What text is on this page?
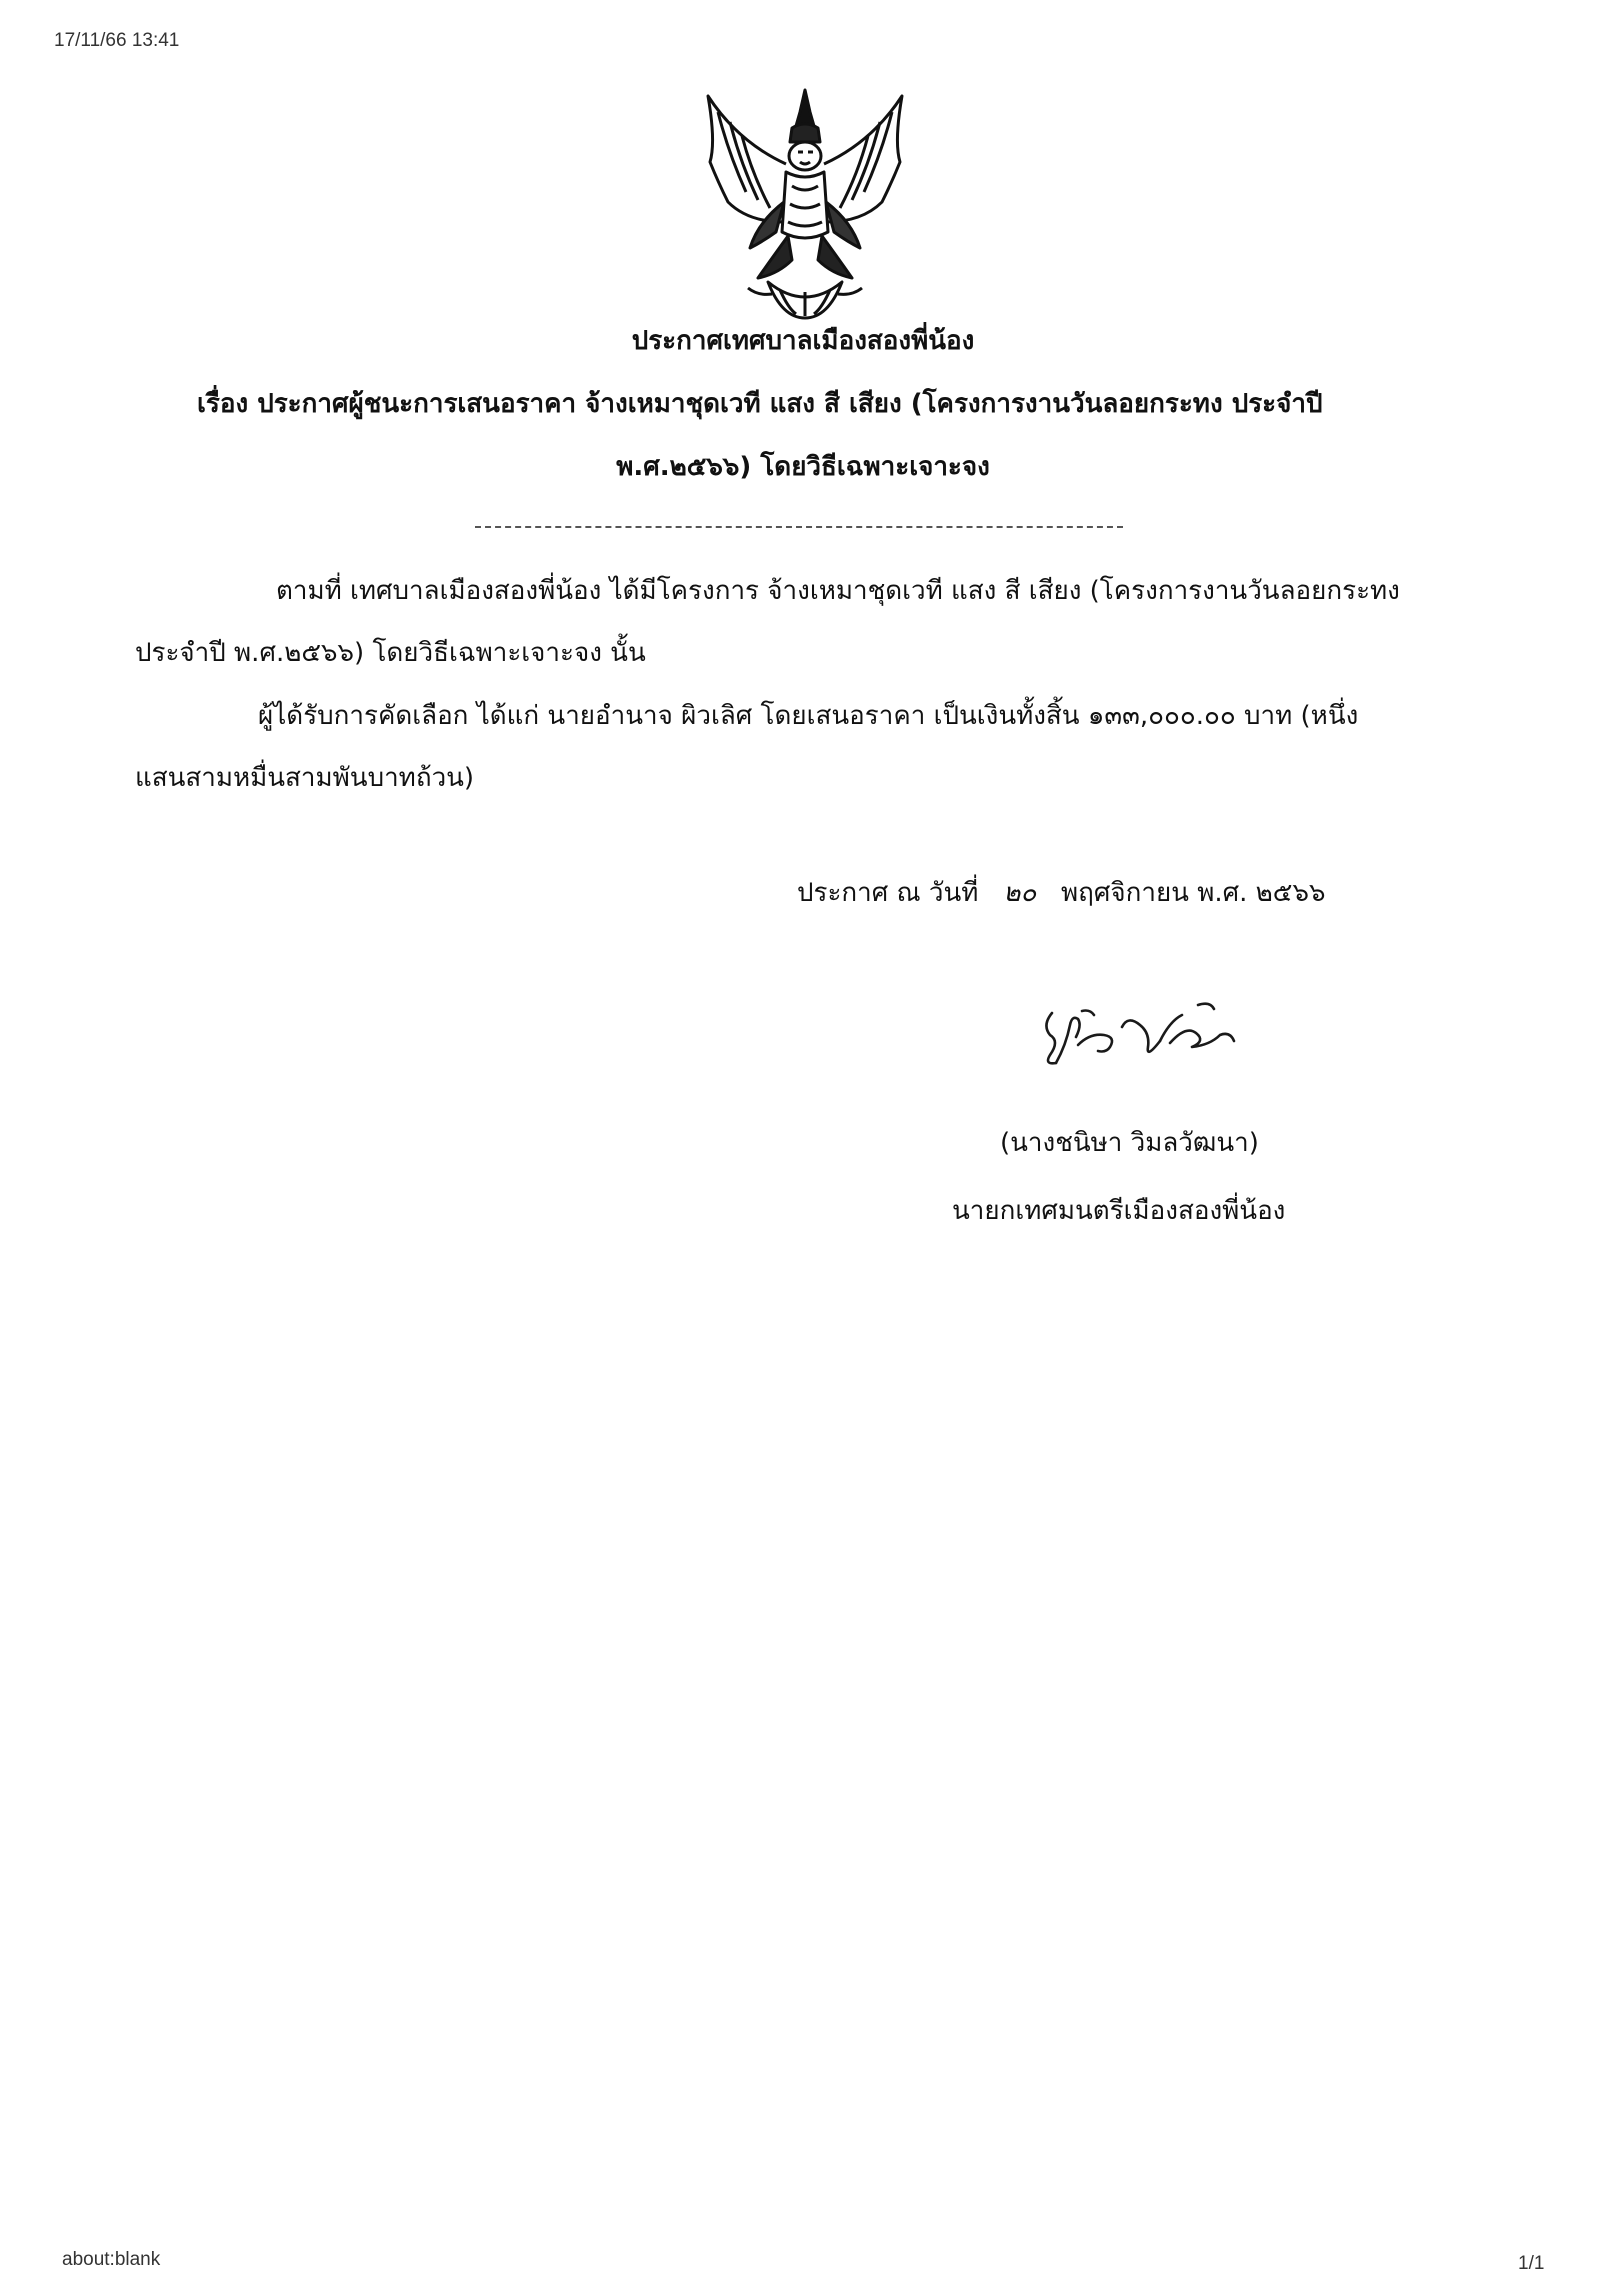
17/11/66 13:41
about:blank	1/1
ประกาศเทศบาลเมืองสองพี่น้อง
เรื่อง ประกาศผู้ชนะการเสนอราคา จ้างเหมาชุดเวที แสง สี เสียง (โครงการงานวันลอยกระทง ประจำปี
พ.ศ.๒๕๖๖) โดยวิธีเฉพาะเจาะจง
ตามที่ เทศบาลเมืองสองพี่น้อง ได้มีโครงการ จ้างเหมาชุดเวที แสง สี เสียง (โครงการงานวันลอยกระทง
ประจำปี พ.ศ.๒๕๖๖) โดยวิธีเฉพาะเจาะจง นั้น
ผู้ได้รับการคัดเลือก ได้แก่ นายอำนาจ ผิวเลิศ โดยเสนอราคา เป็นเงินทั้งสิ้น ๑๓๓,๐๐๐.๐๐ บาท (หนึ่ง
แสนสามหมื่นสามพันบาทถ้วน)
ประกาศ ณ วันที่ ๒๐ พฤศจิกายน พ.ศ. ๒๕๖๖
(นางชนิษา วิมลวัฒนา)
นายกเทศมนตรีเมืองสองพี่น้อง
